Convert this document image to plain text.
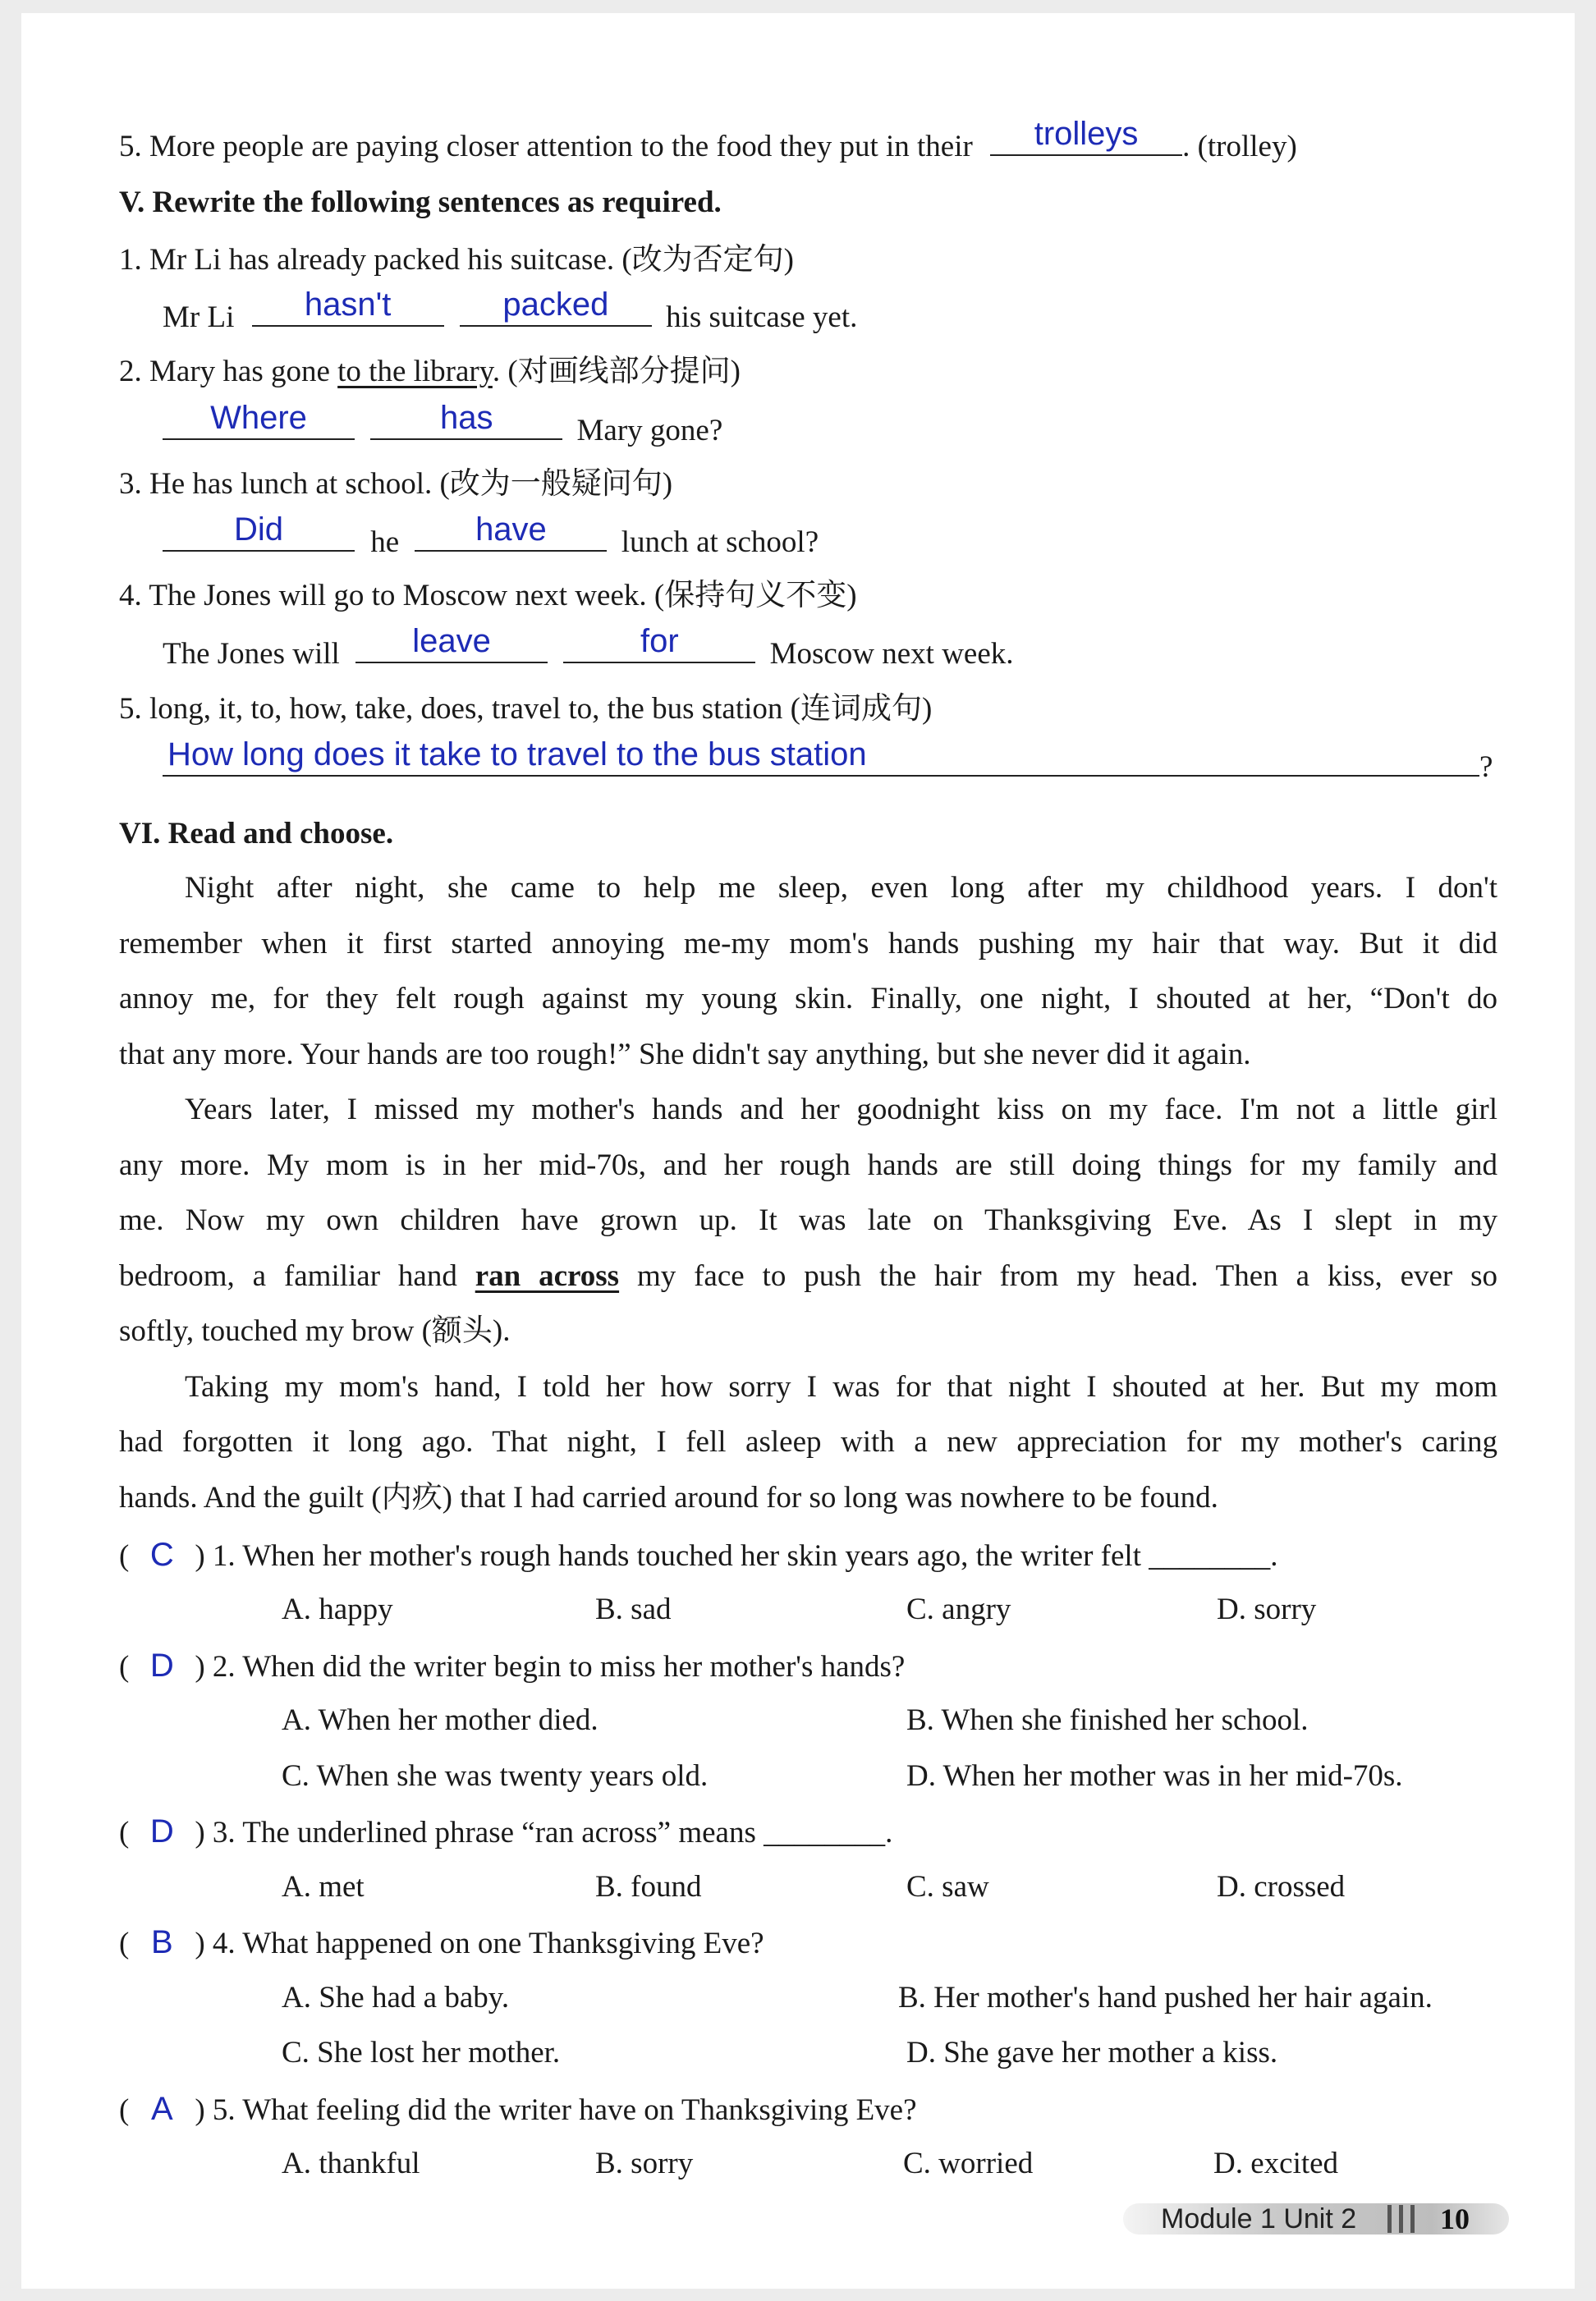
5. More people are paying closer attention to the food they put in their	trolleys	. (trolley)
V. Rewrite the following sentences as required.
1. Mr Li has already packed his suitcase. (改为否定句)
Mr Li	hasn't
	packed	his suitcase yet.
2. Mary has gone to the library. (对画线部分提问)
Where
	has	Mary gone?
3. He has lunch at school. (改为一般疑问句)
Did	he	have	lunch at school?
4. The Jones will go to Moscow next week. (保持句义不变)
The Jones will	leave
	for	Moscow next week.
5. long, it, to, how, take, does, travel to, the bus station (连词成句)
How long does it take to travel to the bus station	?
VI. Read and choose.
Night after night, she came to help me sleep, even long after my childhood years. I don't
remember when it first started annoying me-my mom's hands pushing my hair that way. But it did
annoy me, for they felt rough against my young skin. Finally, one night, I shouted at her, “Don't do
that any more. Your hands are too rough!” She didn't say anything, but she never did it again.
Years later, I missed my mother's hands and her goodnight kiss on my face. I'm not a little girl
any more. My mom is in her mid-70s, and her rough hands are still doing things for my family and
me. Now my own children have grown up. It was late on Thanksgiving Eve. As I slept in my
bedroom, a familiar hand ran across my face to push the hair from my head. Then a kiss, ever so
softly, touched my brow (额头).
Taking my mom's hand, I told her how sorry I was for that night I shouted at her. But my mom
had forgotten it long ago. That night, I fell asleep with a new appreciation for my mother's caring
hands. And the guilt (内疚) that I had carried around for so long was nowhere to be found.
( C ) 1. When her mother's rough hands touched her skin years ago, the writer felt ________.
A. happy	B. sad	C. angry	D. sorry
( D ) 2. When did the writer begin to miss her mother's hands?
A. When her mother died.	B. When she finished her school.
C. When she was twenty years old.	D. When her mother was in her mid-70s.
( D ) 3. The underlined phrase “ran across” means ________.
A. met	B. found	C. saw	D. crossed
( B ) 4. What happened on one Thanksgiving Eve?
A. She had a baby.	B. Her mother's hand pushed her hair again.
C. She lost her mother.	D. She gave her mother a kiss.
( A ) 5. What feeling did the writer have on Thanksgiving Eve?
A. thankful	B. sorry	C. worried	D. excited
Module 1 Unit 2	10
